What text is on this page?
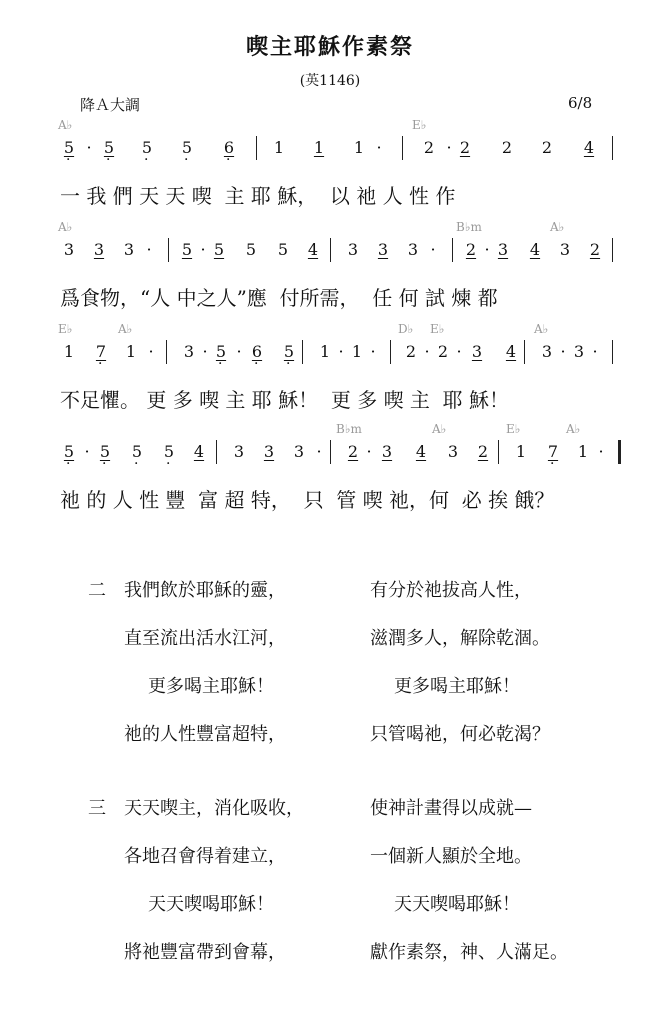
喫主耶穌作素祭
(英1146)
降Ａ大調	6/8
A♭	E♭
5 · · 5 · 5 · 5 · 6 · 1 1 1 ·	2 · 2 2 2 4
一 我 們 天 天 喫  主 耶 穌，  以 祂 人 性 作
A♭	B♭m	A♭
3 3 3 · 5 · 5 5 5 4 3 3 3 · 2 · 3 4 3 2
爲食物，“人 中之人”應  付所需，  任 何 試 煉 都
E♭	A♭	D♭ E♭	A♭
1 7 · 1 · 3 · 5 · · 6 · 5 · 1 · 1 · 2 · 2 · 3 4 3 · 3 ·
不足懼。 更 多 喫 主 耶 穌！  更 多 喫 主  耶 穌！
B♭m	A♭	E♭	A♭
5 · · 5 · 5 · 5 · 4 3 3 3 · 2 · 3 4 3 2 1 7 · 1 ·
祂 的 人 性 豐  富 超 特，  只  管 喫 祂，何  必 挨 餓？
二 我們飲於耶穌的靈，	有分於祂拔高人性，
直至流出活水江河，	滋潤多人，解除乾涸。
更多喝主耶穌！	更多喝主耶穌！
祂的人性豐富超特，	只管喝祂，何必乾渴？
三 天天喫主，消化吸收，	使神計畫得以成就—
各地召會得着建立，	一個新人顯於全地。
天天喫喝耶穌！	天天喫喝耶穌！
將祂豐富帶到會幕，	獻作素祭，神、人滿足。
